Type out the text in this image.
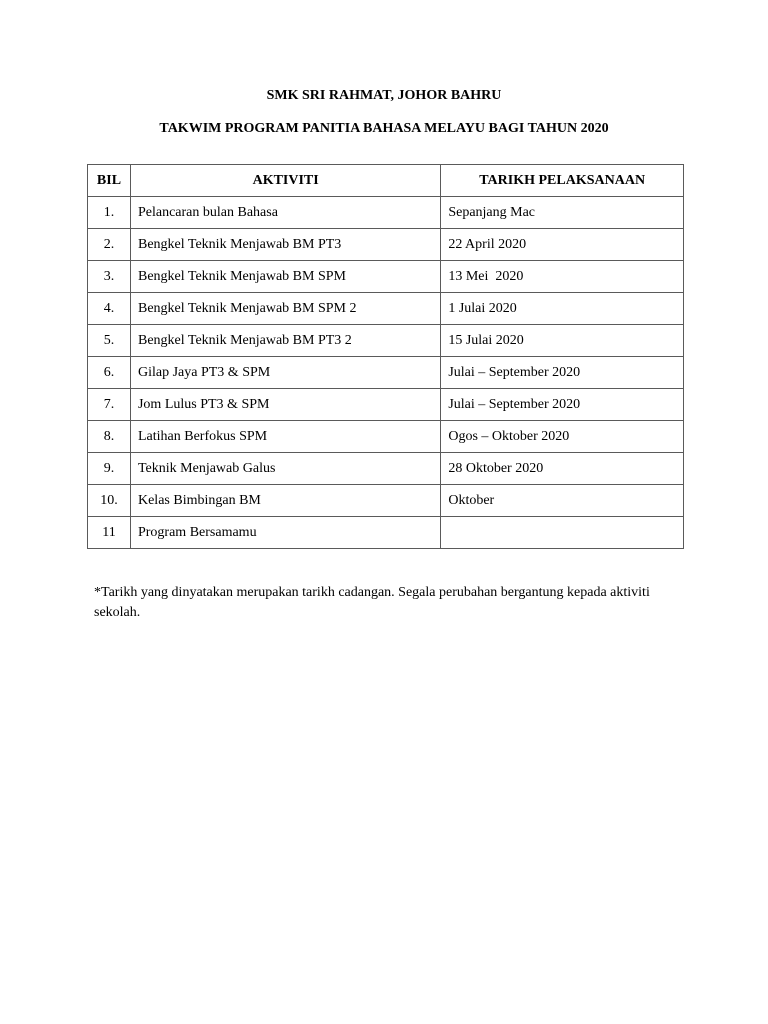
SMK SRI RAHMAT, JOHOR BAHRU
TAKWIM PROGRAM PANITIA BAHASA MELAYU BAGI TAHUN 2020
BIL	AKTIVITI	TARIKH PELAKSANAAN
1.	Pelancaran bulan Bahasa	Sepanjang Mac
2.	Bengkel Teknik Menjawab BM PT3	22 April 2020
3.	Bengkel Teknik Menjawab BM SPM	13 Mei  2020
4.	Bengkel Teknik Menjawab BM SPM 2	1 Julai 2020
5.	Bengkel Teknik Menjawab BM PT3 2	15 Julai 2020
6.	Gilap Jaya PT3 & SPM	Julai – September 2020
7.	Jom Lulus PT3 & SPM	Julai – September 2020
8.	Latihan Berfokus SPM	Ogos – Oktober 2020
9.	Teknik Menjawab Galus	28 Oktober 2020
10.	Kelas Bimbingan BM	Oktober
11	Program Bersamamu	
*Tarikh yang dinyatakan merupakan tarikh cadangan. Segala perubahan bergantung kepada aktiviti sekolah.
